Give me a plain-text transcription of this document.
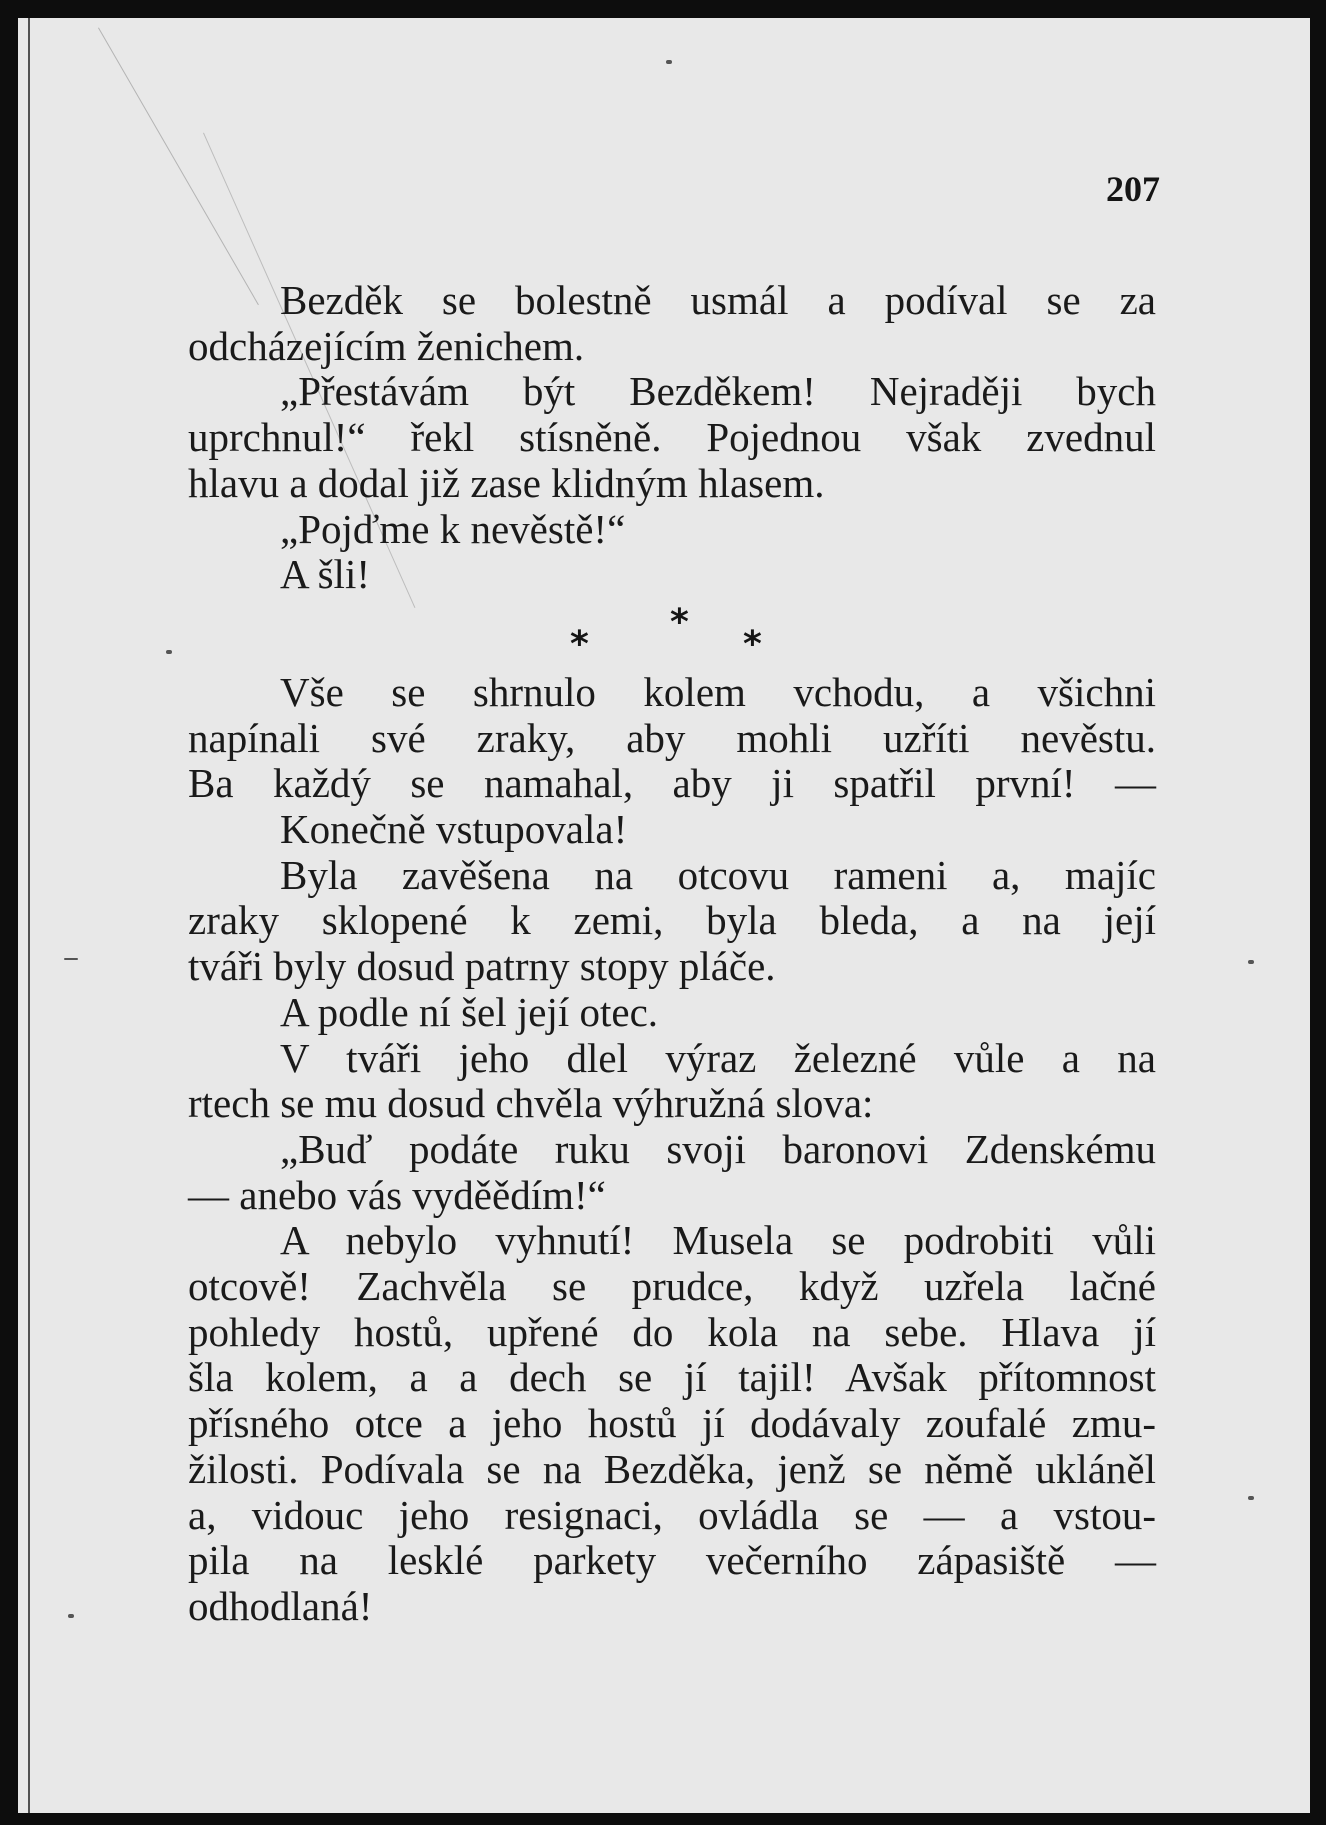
207
Bezděk se bolestně usmál a podíval se za
odcházejícím ženichem.
„Přestávám být Bezděkem! Nejraději bych
uprchnul!“ řekl stísněně. Pojednou však zvednul
hlavu a dodal již zase klidným hlasem.
„Pojďme k nevěstě!“
A šli!
*
*	*
Vše se shrnulo kolem vchodu, a všichni
napínali své zraky, aby mohli uzříti nevěstu.
Ba každý se namahal, aby ji spatřil první! —
Konečně vstupovala!
Byla zavěšena na otcovu rameni a, majíc
zraky sklopené k zemi, byla bleda, a na její
tváři byly dosud patrny stopy pláče.
A podle ní šel její otec.
V tváři jeho dlel výraz železné vůle a na
rtech se mu dosud chvěla výhružná slova:
„Buď podáte ruku svoji baronovi Zdenskému
— anebo vás vyděědím!“
A nebylo vyhnutí! Musela se podrobiti vůli
otcově! Zachvěla se prudce, když uzřela lačné
pohledy hostů, upřené do kola na sebe. Hlava jí
šla kolem, a a dech se jí tajil! Avšak přítomnost
přísného otce a jeho hostů jí dodávaly zoufalé zmu-
žilosti. Podívala se na Bezděka, jenž se němě ukláněl
a, vidouc jeho resignaci, ovládla se — a vstou-
pila na lesklé parkety večerního zápasiště —
odhodlaná!
